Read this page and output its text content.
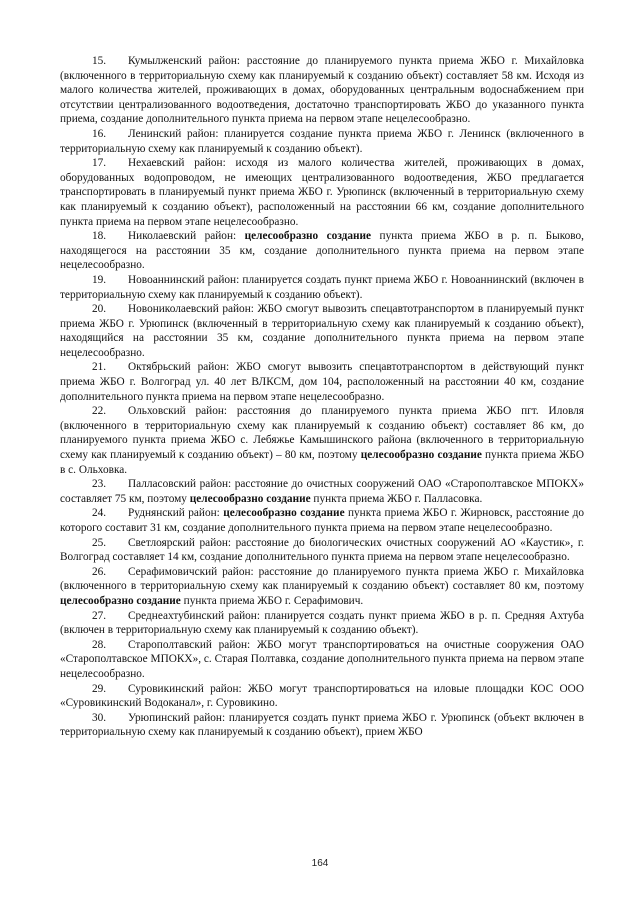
15. Кумылженский район: расстояние до планируемого пункта приема ЖБО г. Михайловка (включенного в территориальную схему как планируемый к созданию объект) составляет 58 км. Исходя из малого количества жителей, проживающих в домах, оборудованных центральным водоснабжением при отсутствии централизованного водоотведения, достаточно транспортировать ЖБО до указанного пункта приема, создание дополнительного пункта приема на первом этапе нецелесообразно.

16. Ленинский район: планируется создание пункта приема ЖБО г. Ленинск (включенного в территориальную схему как планируемый к созданию объект).

17. Нехаевский район: исходя из малого количества жителей, проживающих в домах, оборудованных водопроводом, не имеющих централизованного водоотведения, ЖБО предлагается транспортировать в планируемый пункт приема ЖБО г. Урюпинск (включенный в территориальную схему как планируемый к созданию объект), расположенный на расстоянии 66 км, создание дополнительного пункта приема на первом этапе нецелесообразно.

18. Николаевский район: целесообразно создание пункта приема ЖБО в р. п. Быково, находящегося на расстоянии 35 км, создание дополнительного пункта приема на первом этапе нецелесообразно.

19. Новоаннинский район: планируется создать пункт приема ЖБО г. Новоаннинский (включен в территориальную схему как планируемый к созданию объект).

20. Новониколаевский район: ЖБО смогут вывозить спецавтотранспортом в планируемый пункт приема ЖБО г. Урюпинск (включенный в территориальную схему как планируемый к созданию объект), находящийся на расстоянии 35 км, создание дополнительного пункта приема на первом этапе нецелесообразно.

21. Октябрьский район: ЖБО смогут вывозить спецавтотранспортом в действующий пункт приема ЖБО г. Волгоград ул. 40 лет ВЛКСМ, дом 104, расположенный на расстоянии 40 км, создание дополнительного пункта приема на первом этапе нецелесообразно.

22. Ольховский район: расстояния до планируемого пункта приема ЖБО пгт. Иловля (включенного в территориальную схему как планируемый к созданию объект) составляет 86 км, до планируемого пункта приема ЖБО с. Лебяжье Камышинского района (включенного в территориальную схему как планируемый к созданию объект) – 80 км, поэтому целесообразно создание пункта приема ЖБО в с. Ольховка.

23. Палласовский район: расстояние до очистных сооружений ОАО «Старополтавское МПОКХ» составляет 75 км, поэтому целесообразно создание пункта приема ЖБО г. Палласовка.

24. Руднянский район: целесообразно создание пункта приема ЖБО г. Жирновск, расстояние до которого составит 31 км, создание дополнительного пункта приема на первом этапе нецелесообразно.

25. Светлоярский район: расстояние до биологических очистных сооружений АО «Каустик», г. Волгоград составляет 14 км, создание дополнительного пункта приема на первом этапе нецелесообразно.

26. Серафимовичский район: расстояние до планируемого пункта приема ЖБО г. Михайловка (включенного в территориальную схему как планируемый к созданию объект) составляет 80 км, поэтому целесообразно создание пункта приема ЖБО г. Серафимович.

27. Среднеахтубинский район: планируется создать пункт приема ЖБО в р. п. Средняя Ахтуба (включен в территориальную схему как планируемый к созданию объект).

28. Старополтавский район: ЖБО могут транспортироваться на очистные сооружения ОАО «Старополтавское МПОКХ», с. Старая Полтавка, создание дополнительного пункта приема на первом этапе нецелесообразно.

29. Суровикинский район: ЖБО могут транспортироваться на иловые площадки КОС ООО «Суровикинский Водоканал», г. Суровикино.

30. Урюпинский район: планируется создать пункт приема ЖБО г. Урюпинск (объект включен в территориальную схему как планируемый к созданию объект), прием ЖБО

164
